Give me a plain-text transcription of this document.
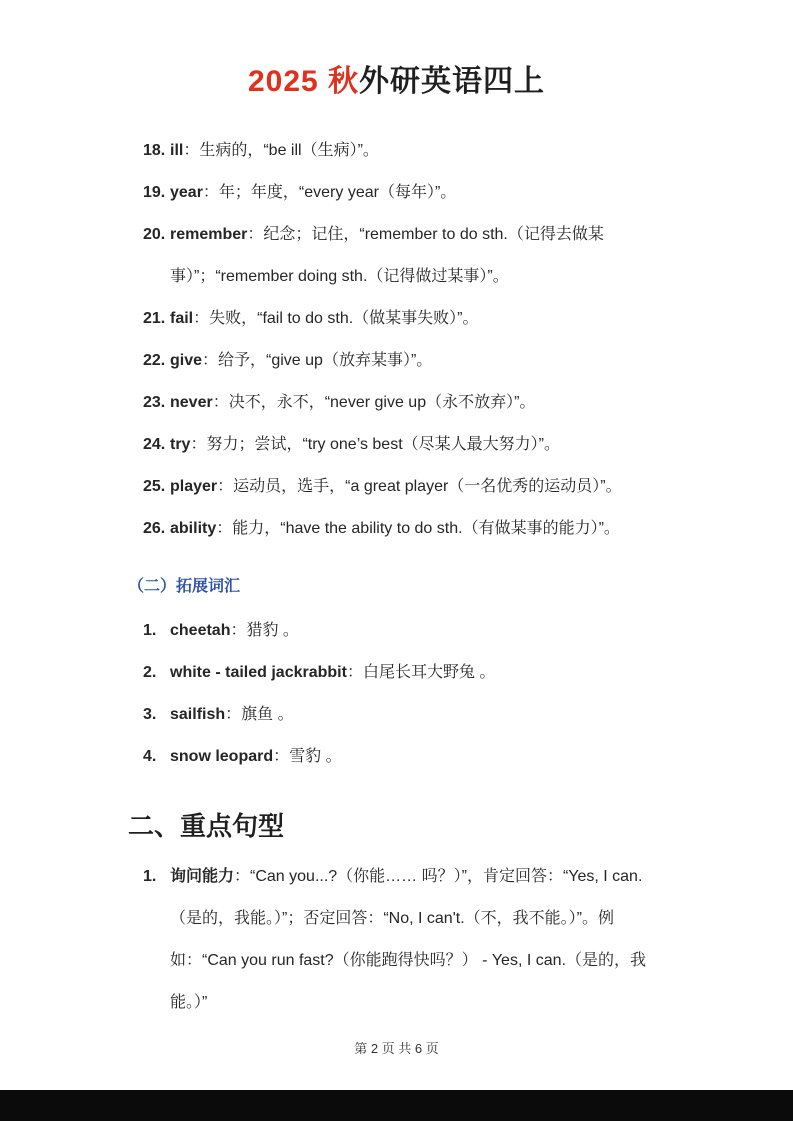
2025 秋外研英语四上
18. ill：生病的，“be ill（生病）”。
19. year：年；年度，“every year（每年）”。
20. remember：纪念；记住，“remember to do sth.（记得去做某事）”；“remember doing sth.（记得做过某事）”。
21. fail：失败，“fail to do sth.（做某事失败）”。
22. give：给予，“give up（放弃某事）”。
23. never：决不，永不，“never give up（永不放弃）”。
24. try：努力；尝试，“try one’s best（尽某人最大努力）”。
25. player：运动员，选手，“a great player（一名优秀的运动员）”。
26. ability：能力，“have the ability to do sth.（有做某事的能力）”。
（二）拓展词汇
1. cheetah：猎豹 。
2. white - tailed jackrabbit：白尾长耳大野兔 。
3. sailfish：旗鱼 。
4. snow leopard：雪豹 。
二、重点句型
1. 询问能力：“Can you...?（你能…… 吗？）”，肯定回答：“Yes, I can.（是的，我能。）”；否定回答：“No, I can't.（不，我不能。）”。例如：“Can you run fast?（你能跑得快吗？） - Yes, I can.（是的，我能。）”
第 2 页 共 6 页
